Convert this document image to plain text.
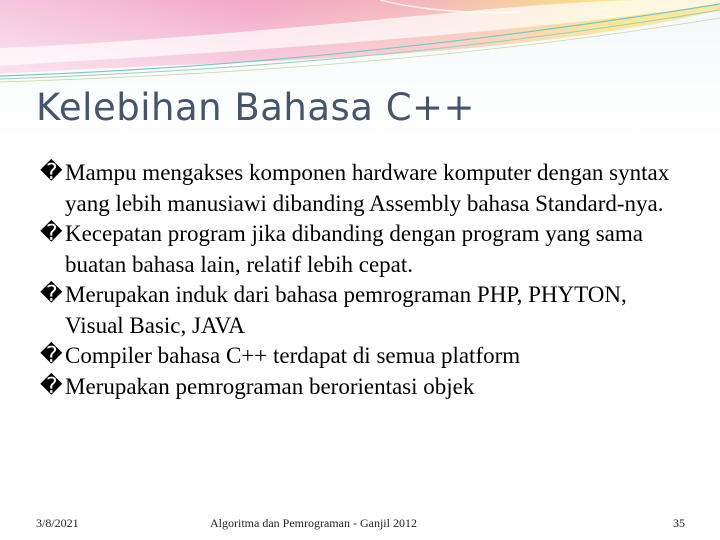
Kelebihan Bahasa C++
� Mampu mengakses komponen hardware komputer dengan syntax yang lebih manusiawi dibanding Assembly bahasa Standard-nya.
� Kecepatan program jika dibanding dengan program yang sama buatan bahasa lain, relatif lebih cepat.
� Merupakan induk dari bahasa pemrograman PHP, PHYTON, Visual Basic, JAVA
� Compiler bahasa C++ terdapat di semua platform
� Merupakan pemrograman berorientasi objek
3/8/2021	Algoritma dan Pemrograman - Ganjil 2012	35
